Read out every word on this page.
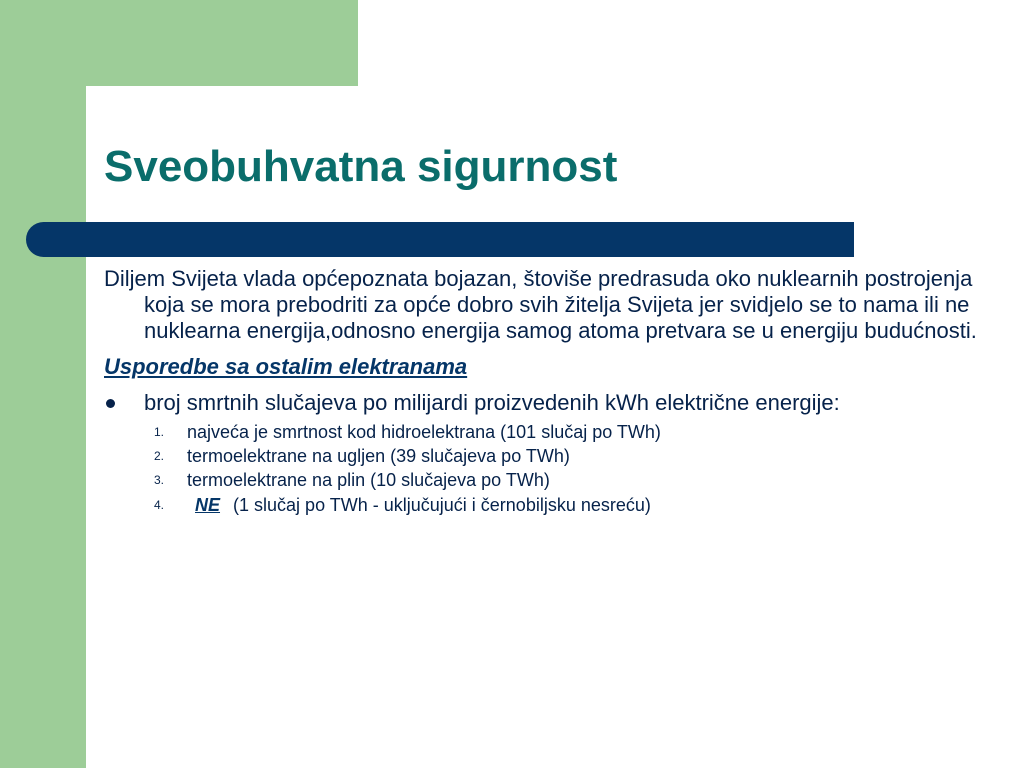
Sveobuhvatna sigurnost

Diljem Svijeta vlada općepoznata bojazan, štoviše predrasuda oko nuklearnih postrojenja koja se mora prebodriti za opće dobro svih žitelja Svijeta jer svidjelo se to nama ili ne nuklearna energija,odnosno energija samog atoma pretvara se u energiju budućnosti.

Usporedbe sa ostalim elektranama
broj smrtnih slučajeva po milijardi proizvedenih kWh električne energije:
1. najveća je smrtnost kod hidroelektrana (101 slučaj po TWh)
2. termoelektrane na ugljen (39 slučajeva po TWh)
3. termoelektrane na plin (10 slučajeva po TWh)
4. NE (1 slučaj po TWh - uključujući i černobiljsku nesreću)
